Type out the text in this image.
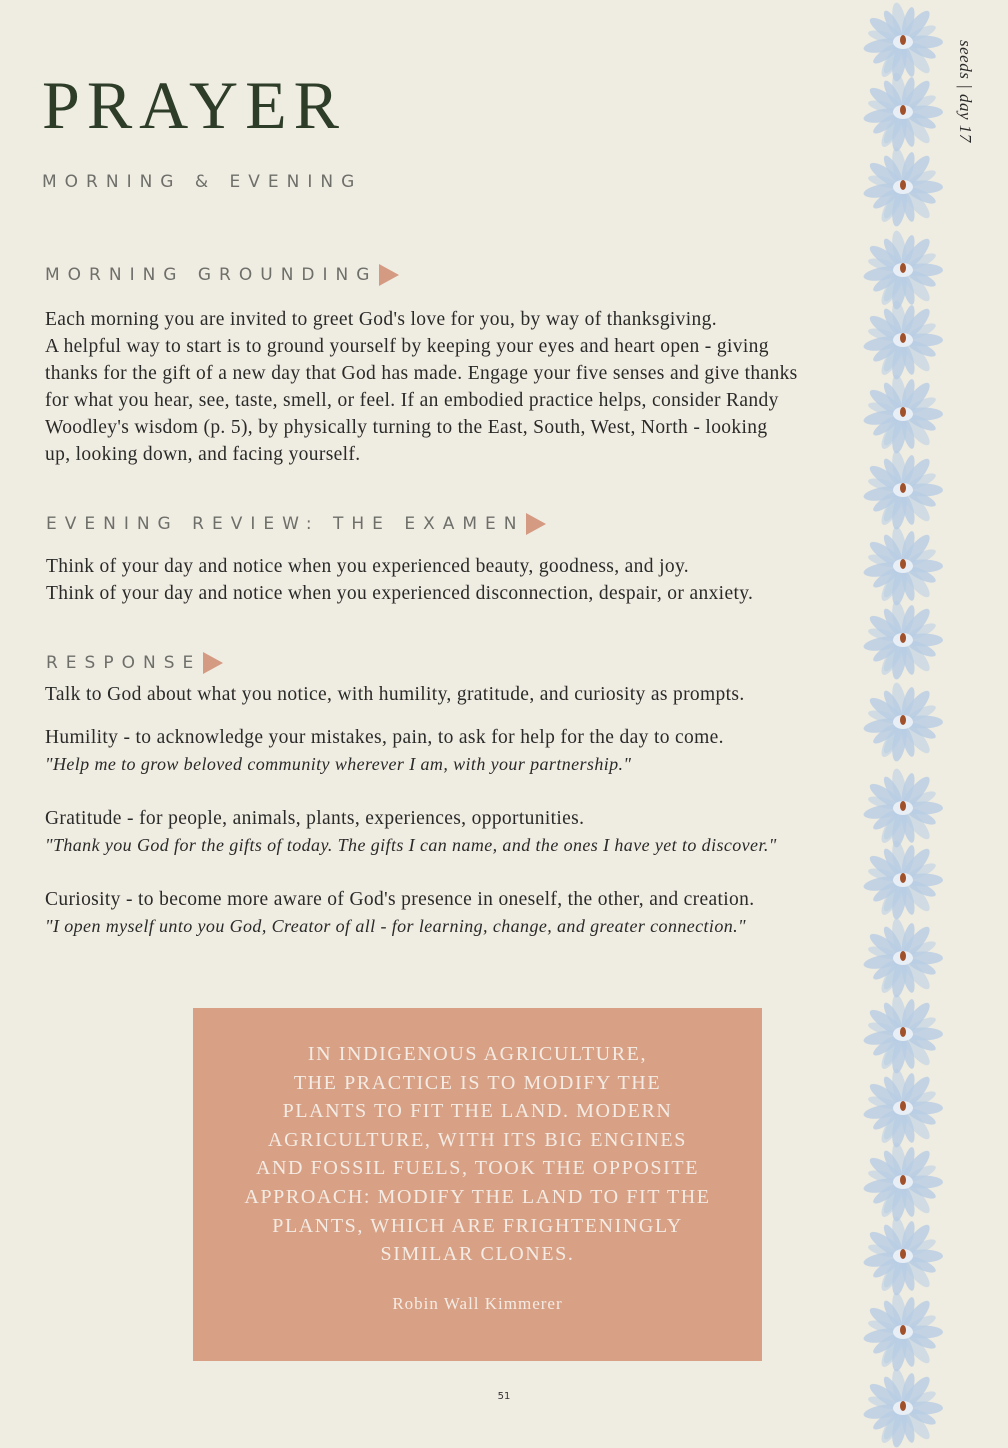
PRAYER
MORNING & EVENING
MORNING GROUNDING

Each morning you are invited to greet God's love for you, by way of thanksgiving.
A helpful way to start is to ground yourself by keeping your eyes and heart open - giving
thanks for the gift of a new day that God has made. Engage your five senses and give thanks
for what you hear, see, taste, smell, or feel. If an embodied practice helps, consider Randy
Woodley's wisdom (p. 5), by physically turning to the East, South, West, North - looking
up, looking down, and facing yourself.

EVENING REVIEW: THE EXAMEN

Think of your day and notice when you experienced beauty, goodness, and joy.
Think of your day and notice when you experienced disconnection, despair, or anxiety.

RESPONSE

Talk to God about what you notice, with humility, gratitude, and curiosity as prompts.

Humility - to acknowledge your mistakes, pain, to ask for help for the day to come.
"Help me to grow beloved community wherever I am, with your partnership."

Gratitude - for people, animals, plants, experiences, opportunities.
"Thank you God for the gifts of today. The gifts I can name, and the ones I have yet to discover."

Curiosity - to become more aware of God's presence in oneself, the other, and creation.
"I open myself unto you God, Creator of all - for learning, change, and greater connection."

IN INDIGENOUS AGRICULTURE,
THE PRACTICE IS TO MODIFY THE
PLANTS TO FIT THE LAND. MODERN
AGRICULTURE, WITH ITS BIG ENGINES
AND FOSSIL FUELS, TOOK THE OPPOSITE
APPROACH: MODIFY THE LAND TO FIT THE
PLANTS, WHICH ARE FRIGHTENINGLY
SIMILAR CLONES.
Robin Wall Kimmerer
51
seeds | day 17
